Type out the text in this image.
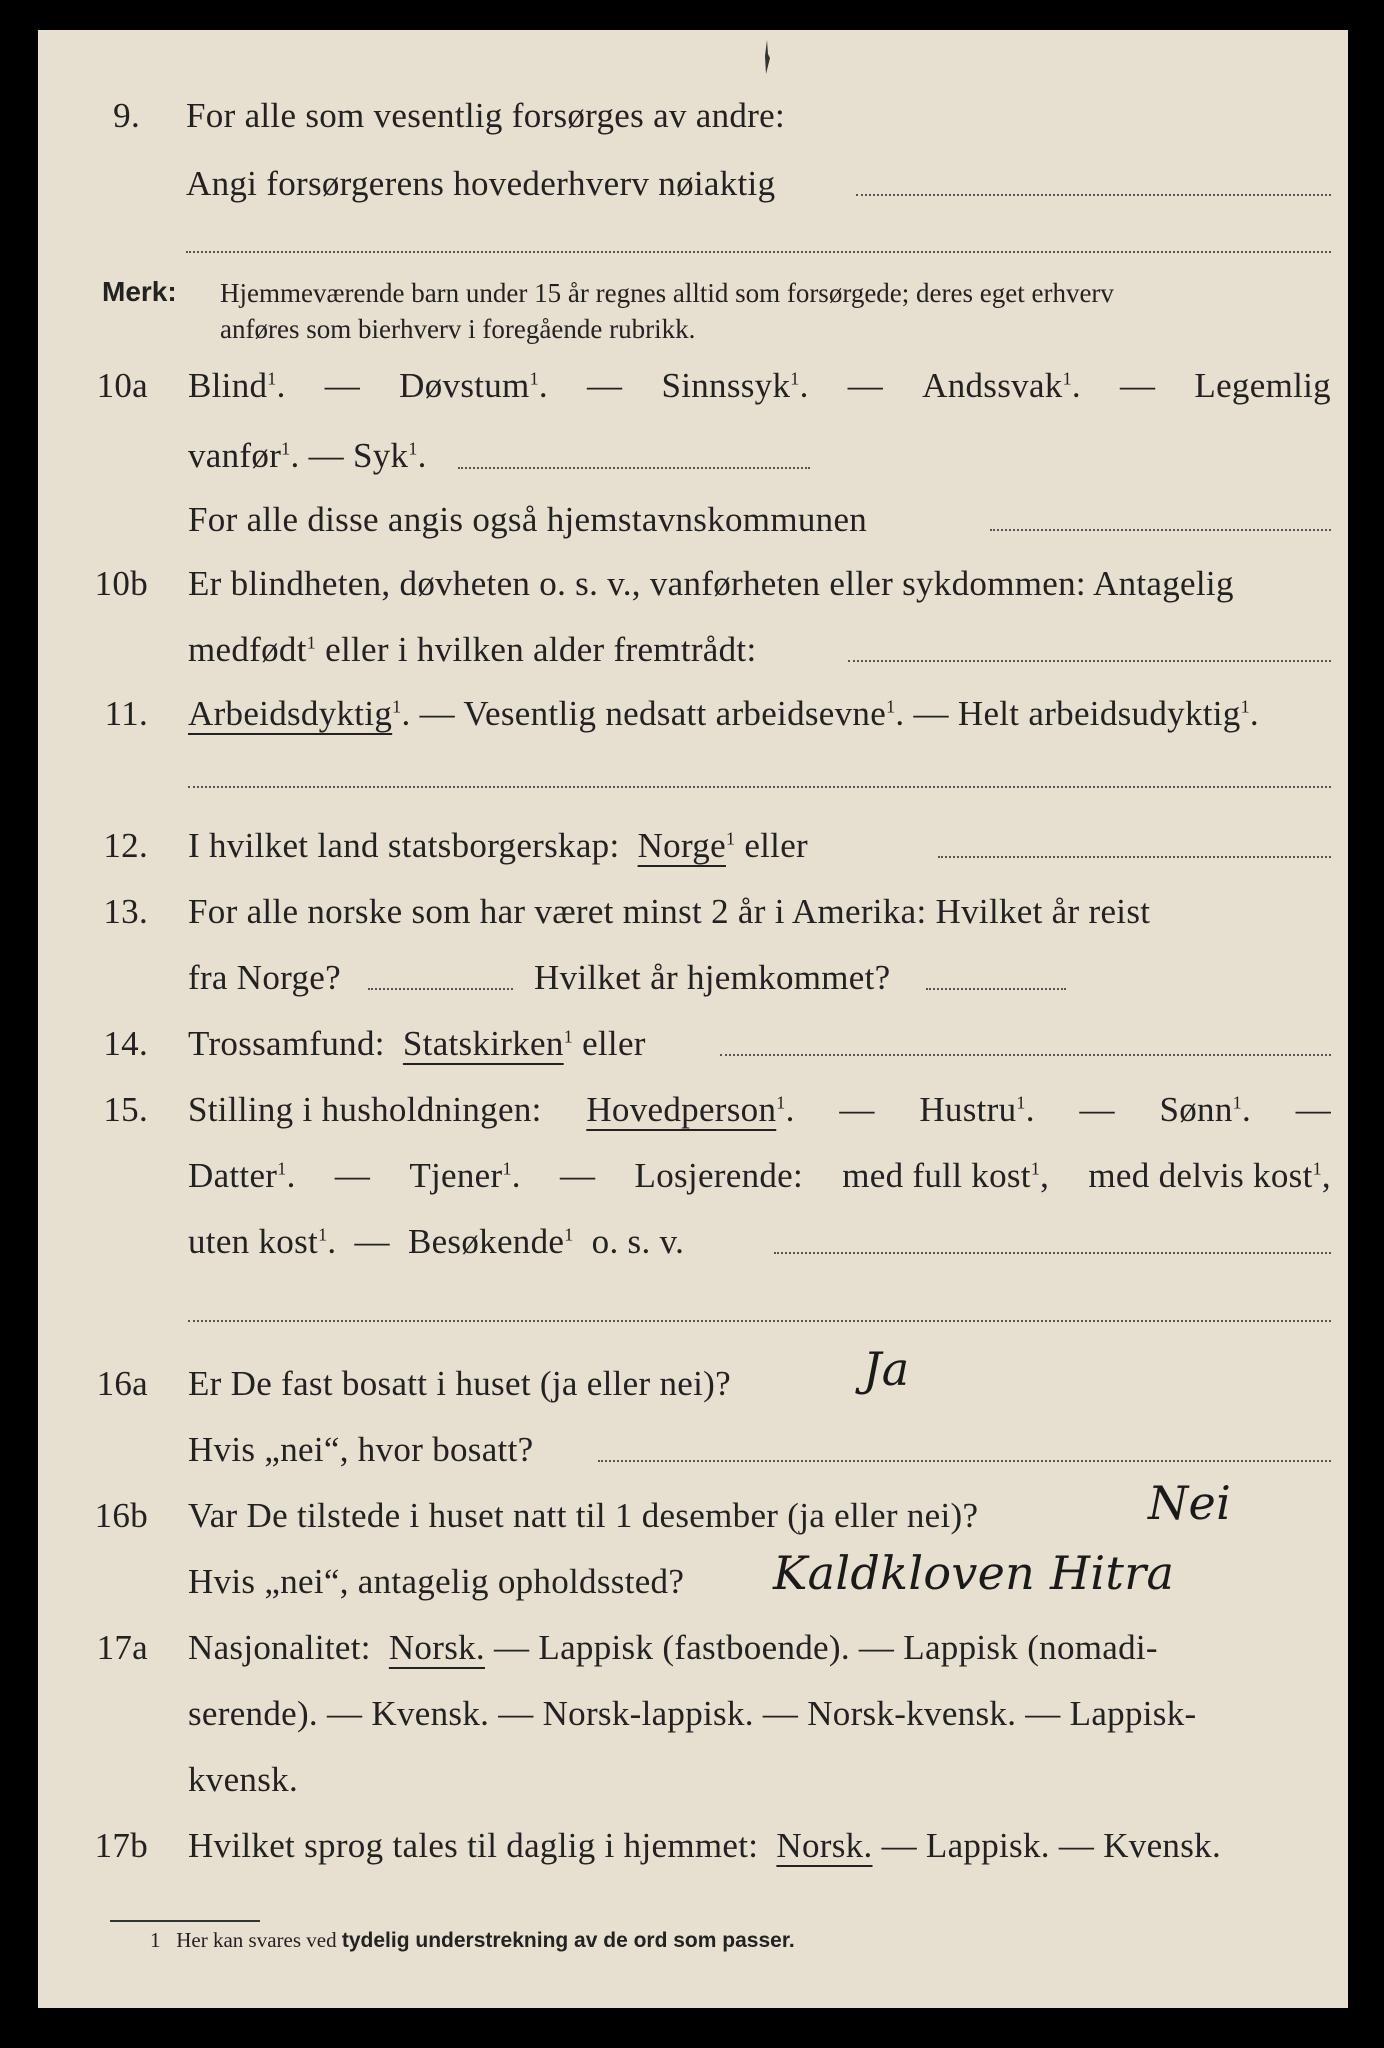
9. For alle som vesentlig forsørges av andre:
Angi forsørgerens hovederhverv nøiaktig
Merk: Hjemmeværende barn under 15 år regnes alltid som forsørgede; deres eget erhverv
anføres som bierhverv i foregående rubrikk.
10a Blind$^1$. — Døvstum$^1$. — Sinnssyk$^1$. — Andssvak$^1$. — Legemlig
vanfør$^1$. — Syk$^1$.
For alle disse angis også hjemstavnskommunen
10b Er blindheten, døvheten o. s. v., vanførheten eller sykdommen: Antagelig
medfødt$^1$ eller i hvilken alder fremtrådt:
11. Arbeidsdyktig$^1$. — Vesentlig nedsatt arbeidsevne$^1$. — Helt arbeidsudyktig$^1$.
12. I hvilket land statsborgerskap: Norge$^1$ eller
13. For alle norske som har været minst 2 år i Amerika: Hvilket år reist
fra Norge?	Hvilket år hjemkommet?
14. Trossamfund: Statskirken$^1$ eller
15. Stilling i husholdningen: Hovedperson$^1$. — Hustru$^1$. — Sønn$^1$. —
Datter$^1$. — Tjener$^1$. — Losjerende: med full kost$^1$, med delvis kost$^1$,
uten kost$^1$.  — Besøkende$^1$ o. s. v.
16a Er De fast bosatt i huset (ja eller nei)?	Ja
Hvis „nei“, hvor bosatt?
16b Var De tilstede i huset natt til 1 desember (ja eller nei)?	Nei
Hvis „nei“, antagelig opholdssted? Kaldkloven Hitra
17a Nasjonalitet: Norsk. — Lappisk (fastboende). — Lappisk (nomadi-
serende). — Kvensk. — Norsk-lappisk. — Norsk-kvensk. — Lappisk-
kvensk.
17b Hvilket sprog tales til daglig i hjemmet: Norsk. — Lappisk. — Kvensk.
1 Her kan svares ved tydelig understrekning av de ord som passer.
